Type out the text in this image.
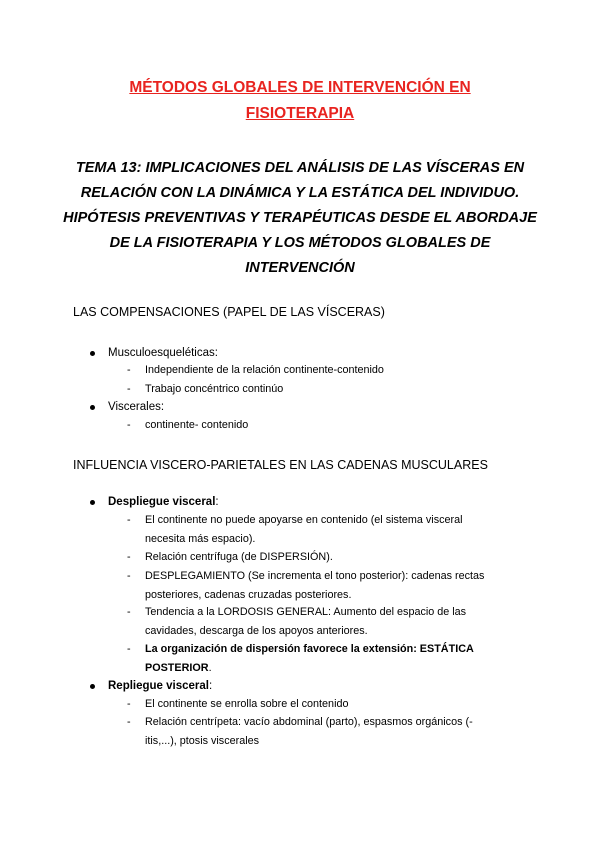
MÉTODOS GLOBALES DE INTERVENCIÓN EN
FISIOTERAPIA
TEMA 13: IMPLICACIONES DEL ANÁLISIS DE LAS VÍSCERAS EN
RELACIÓN CON LA DINÁMICA Y LA ESTÁTICA DEL INDIVIDUO.
HIPÓTESIS PREVENTIVAS Y TERAPÉUTICAS DESDE EL ABORDAJE
DE LA FISIOTERAPIA Y LOS MÉTODOS GLOBALES DE
INTERVENCIÓN
LAS COMPENSACIONES (PAPEL DE LAS VÍSCERAS)
Musculoesqueléticas:
- Independiente de la relación continente-contenido
- Trabajo concéntrico continúo
Viscerales:
- continente- contenido
INFLUENCIA VISCERO-PARIETALES EN LAS CADENAS MUSCULARES
Despliegue visceral:
- El continente no puede apoyarse en contenido (el sistema visceral necesita más espacio).
- Relación centrífuga (de DISPERSIÓN).
- DESPLEGAMIENTO (Se incrementa el tono posterior): cadenas rectas posteriores, cadenas cruzadas posteriores.
- Tendencia a la LORDOSIS GENERAL: Aumento del espacio de las cavidades, descarga de los apoyos anteriores.
- La organización de dispersión favorece la extensión: ESTÁTICA POSTERIOR.
Repliegue visceral:
- El continente se enrolla sobre el contenido
- Relación centrípeta: vacío abdominal (parto), espasmos orgánicos (-itis,...), ptosis viscerales
